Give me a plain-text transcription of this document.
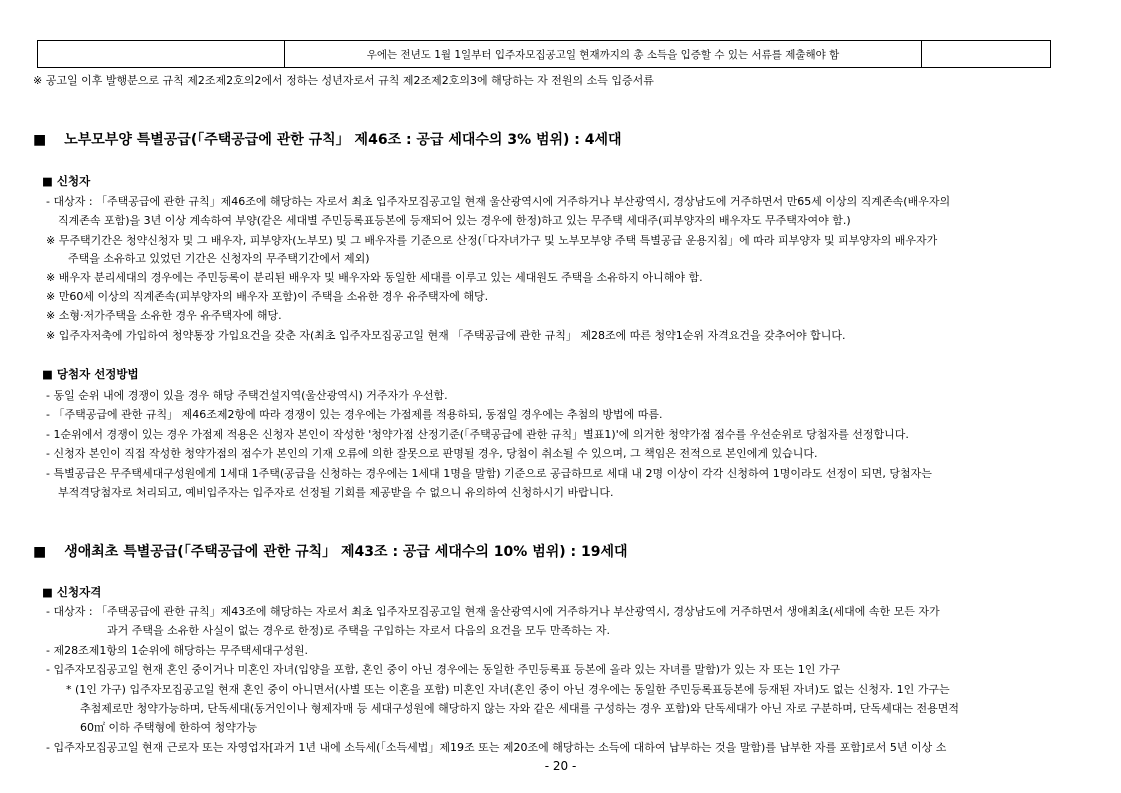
우에는 전년도 1월 1일부터 입주자모집공고일 현재까지의 총 소득을 입증할 수 있는 서류를 제출해야 함
※ 공고일 이후 발행분으로 규칙 제2조제2호의2에서 정하는 성년자로서 규칙 제2조제2호의3에 해당하는 자 전원의 소득 입증서류
■ 노부모부양 특별공급(「주택공급에 관한 규칙」 제46조 : 공급 세대수의 3% 범위) : 4세대
■ 신청자
- 대상자 : 「주택공급에 관한 규칙」제46조에 해당하는 자로서 최초 입주자모집공고일 현재 울산광역시에 거주하거나 부산광역시, 경상남도에 거주하면서 만65세 이상의 직계존속(배우자의
직계존속 포함)을 3년 이상 계속하여 부양(같은 세대별 주민등록표등본에 등재되어 있는 경우에 한정)하고 있는 무주택 세대주(피부양자의 배우자도 무주택자여야 함.)
※ 무주택기간은 청약신청자 및 그 배우자, 피부양자(노부모) 및 그 배우자를 기준으로 산정(「다자녀가구 및 노부모부양 주택 특별공급 운용지침」에 따라 피부양자 및 피부양자의 배우자가
주택을 소유하고 있었던 기간은 신청자의 무주택기간에서 제외)
※ 배우자 분리세대의 경우에는 주민등록이 분리된 배우자 및 배우자와 동일한 세대를 이루고 있는 세대원도 주택을 소유하지 아니해야 함.
※ 만60세 이상의 직계존속(피부양자의 배우자 포함)이 주택을 소유한 경우 유주택자에 해당.
※ 소형·저가주택을 소유한 경우 유주택자에 해당.
※ 입주자저축에 가입하여 청약통장 가입요건을 갖춘 자(최초 입주자모집공고일 현재 「주택공급에 관한 규칙」 제28조에 따른 청약1순위 자격요건을 갖추어야 합니다.
■ 당첨자 선정방법
- 동일 순위 내에 경쟁이 있을 경우 해당 주택건설지역(울산광역시) 거주자가 우선함.
- 「주택공급에 관한 규칙」 제46조제2항에 따라 경쟁이 있는 경우에는 가점제를 적용하되, 동점일 경우에는 추첨의 방법에 따름.
- 1순위에서 경쟁이 있는 경우 가점제 적용은 신청자 본인이 작성한 '청약가점 산정기준(「주택공급에 관한 규칙」별표1)'에 의거한 청약가점 점수를 우선순위로 당첨자를 선정합니다.
- 신청자 본인이 직접 작성한 청약가점의 점수가 본인의 기재 오류에 의한 잘못으로 판명될 경우, 당첨이 취소될 수 있으며, 그 책임은 전적으로 본인에게 있습니다.
- 특별공급은 무주택세대구성원에게 1세대 1주택(공급을 신청하는 경우에는 1세대 1명을 말함) 기준으로 공급하므로 세대 내 2명 이상이 각각 신청하여 1명이라도 선정이 되면, 당첨자는
부적격당첨자로 처리되고, 예비입주자는 입주자로 선정될 기회를 제공받을 수 없으니 유의하여 신청하시기 바랍니다.
■ 생애최초 특별공급(「주택공급에 관한 규칙」 제43조 : 공급 세대수의 10% 범위) : 19세대
■ 신청자격
- 대상자 : 「주택공급에 관한 규칙」제43조에 해당하는 자로서 최초 입주자모집공고일 현재 울산광역시에 거주하거나 부산광역시, 경상남도에 거주하면서 생애최초(세대에 속한 모든 자가
과거 주택을 소유한 사실이 없는 경우로 한정)로 주택을 구입하는 자로서 다음의 요건을 모두 만족하는 자.
- 제28조제1항의 1순위에 해당하는 무주택세대구성원.
- 입주자모집공고일 현재 혼인 중이거나 미혼인 자녀(입양을 포함, 혼인 중이 아닌 경우에는 동일한 주민등록표 등본에 올라 있는 자녀를 말함)가 있는 자 또는 1인 가구
* (1인 가구) 입주자모집공고일 현재 혼인 중이 아니면서(사별 또는 이혼을 포함) 미혼인 자녀(혼인 중이 아닌 경우에는 동일한 주민등록표등본에 등재된 자녀)도 없는 신청자. 1인 가구는
추첨제로만 청약가능하며, 단독세대(동거인이나 형제자매 등 세대구성원에 해당하지 않는 자와 같은 세대를 구성하는 경우 포함)와 단독세대가 아닌 자로 구분하며, 단독세대는 전용면적
60㎡ 이하 주택형에 한하여 청약가능
- 입주자모집공고일 현재 근로자 또는 자영업자[과거 1년 내에 소득세(「소득세법」제19조 또는 제20조에 해당하는 소득에 대하여 납부하는 것을 말함)를 납부한 자를 포함]로서 5년 이상 소
- 20 -
